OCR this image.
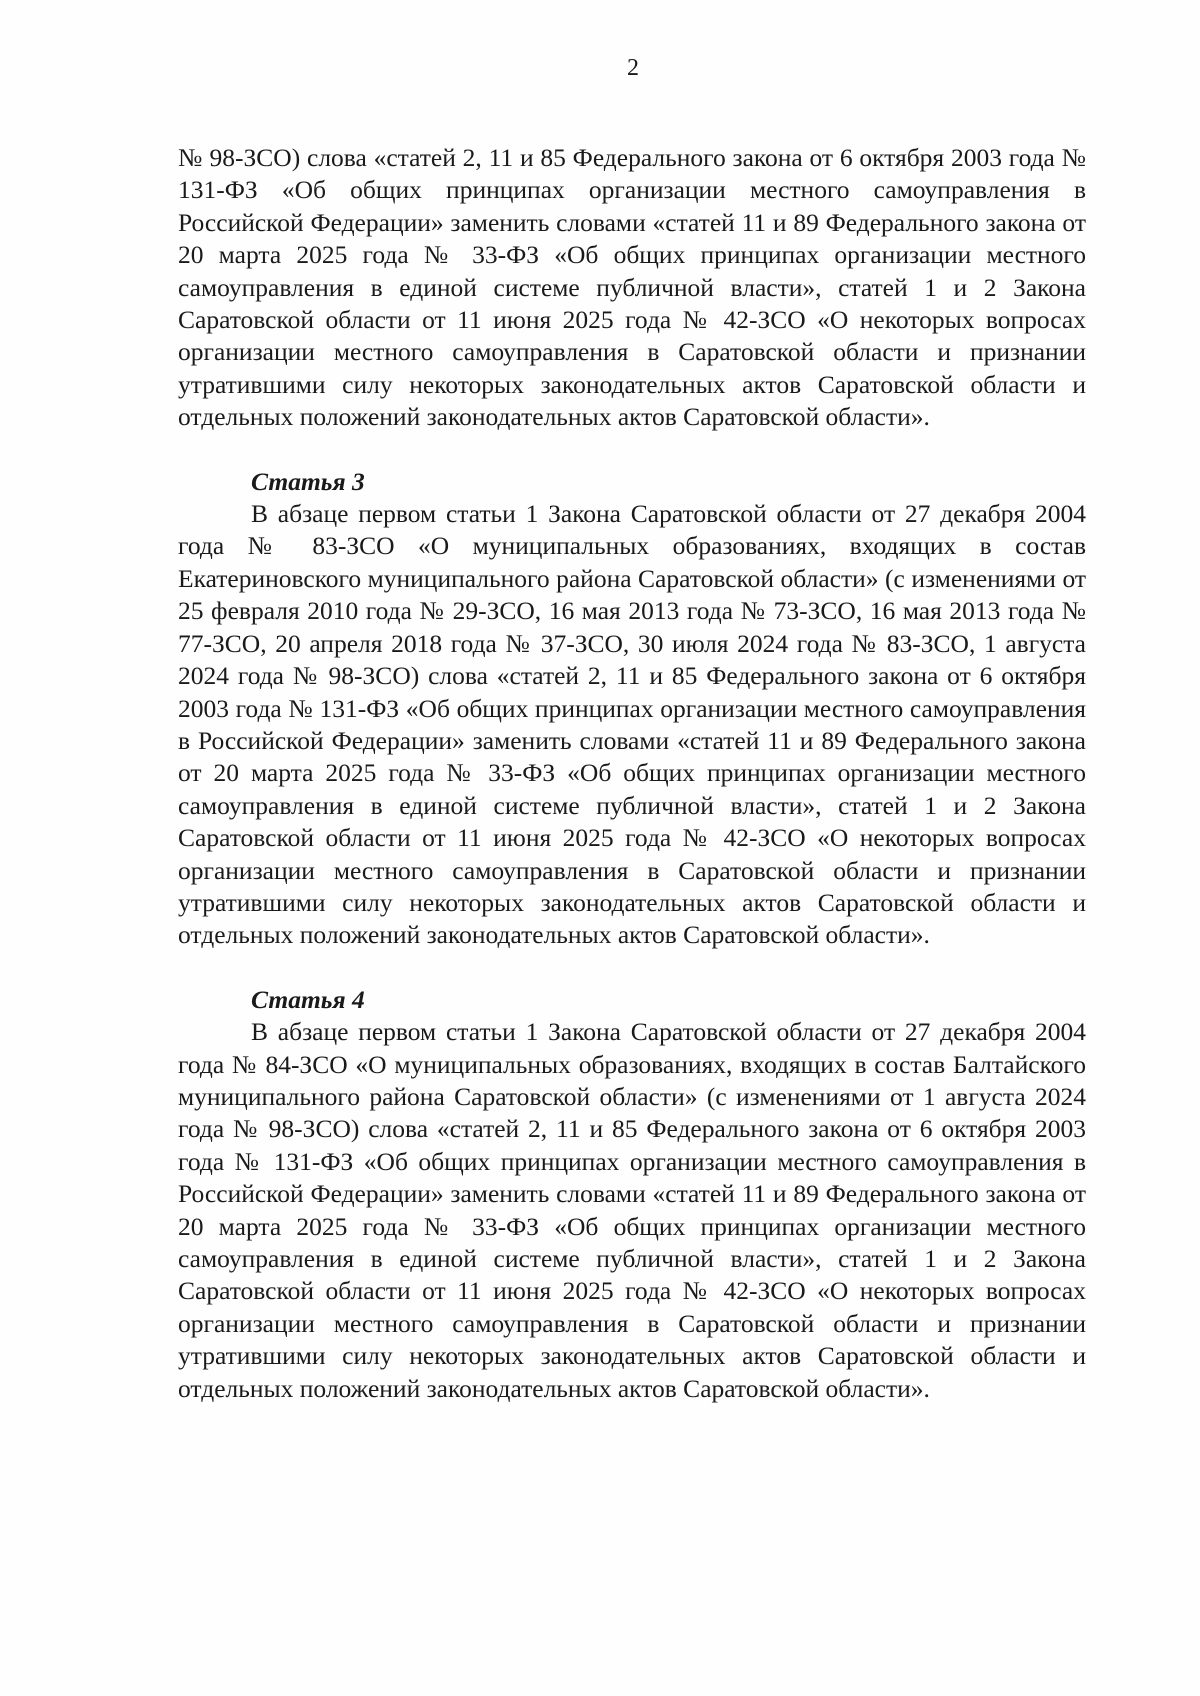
2

№ 98-ЗСО) слова «статей 2, 11 и 85 Федерального закона от 6 октября 2003 года № 131-ФЗ «Об общих принципах организации местного самоуправления в Российской Федерации» заменить словами «статей 11 и 89 Федерального закона от 20 марта 2025 года № 33-ФЗ «Об общих принципах организации местного самоуправления в единой системе публичной власти», статей 1 и 2 Закона Саратовской области от 11 июня 2025 года № 42-ЗСО «О некоторых вопросах организации местного самоуправления в Саратовской области и признании утратившими силу некоторых законодательных актов Саратовской области и отдельных положений законодательных актов Саратовской области».

Статья 3

В абзаце первом статьи 1 Закона Саратовской области от 27 декабря 2004 года № 83-ЗСО «О муниципальных образованиях, входящих в состав Екатериновского муниципального района Саратовской области» (с изменениями от 25 февраля 2010 года № 29-ЗСО, 16 мая 2013 года № 73-ЗСО, 16 мая 2013 года № 77-ЗСО, 20 апреля 2018 года № 37-ЗСО, 30 июля 2024 года № 83-ЗСО, 1 августа 2024 года № 98-ЗСО) слова «статей 2, 11 и 85 Федерального закона от 6 октября 2003 года № 131-ФЗ «Об общих принципах организации местного самоуправления в Российской Федерации» заменить словами «статей 11 и 89 Федерального закона от 20 марта 2025 года № 33-ФЗ «Об общих принципах организации местного самоуправления в единой системе публичной власти», статей 1 и 2 Закона Саратовской области от 11 июня 2025 года № 42-ЗСО «О некоторых вопросах организации местного самоуправления в Саратовской области и признании утратившими силу некоторых законодательных актов Саратовской области и отдельных положений законодательных актов Саратовской области».

Статья 4

В абзаце первом статьи 1 Закона Саратовской области от 27 декабря 2004 года № 84-ЗСО «О муниципальных образованиях, входящих в состав Балтайского муниципального района Саратовской области» (с изменениями от 1 августа 2024 года № 98-ЗСО) слова «статей 2, 11 и 85 Федерального закона от 6 октября 2003 года № 131-ФЗ «Об общих принципах организации местного самоуправления в Российской Федерации» заменить словами «статей 11 и 89 Федерального закона от 20 марта 2025 года № 33-ФЗ «Об общих принципах организации местного самоуправления в единой системе публичной власти», статей 1 и 2 Закона Саратовской области от 11 июня 2025 года № 42-ЗСО «О некоторых вопросах организации местного самоуправления в Саратовской области и признании утратившими силу некоторых законодательных актов Саратовской области и отдельных положений законодательных актов Саратовской области».
